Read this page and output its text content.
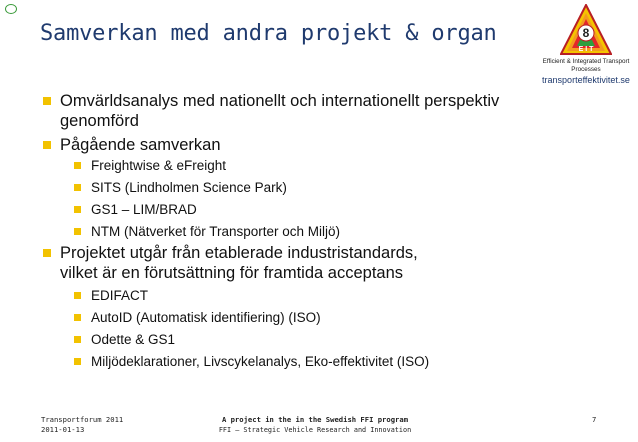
Samverkan med andra projekt & organ	8
E I T
Efficient & Integrated Transport
Processes
transporteffektivitet.se
Omvärldsanalys med nationellt och internationellt perspektiv
genomförd
Pågående samverkan
Freightwise & eFreight
SITS (Lindholmen Science Park)
GS1 – LIM/BRAD
NTM (Nätverket för Transporter och Miljö)
Projektet utgår från etablerade industristandards,
vilket är en förutsättning för framtida acceptans
EDIFACT
AutoID (Automatisk identifiering) (ISO)
Odette & GS1
Miljödeklarationer, Livscykelanalys, Eko-effektivitet (ISO)
Transportforum 2011
2011-01-13
A project in the in the Swedish FFI program
FFI – Strategic Vehicle Research and Innovation
7
